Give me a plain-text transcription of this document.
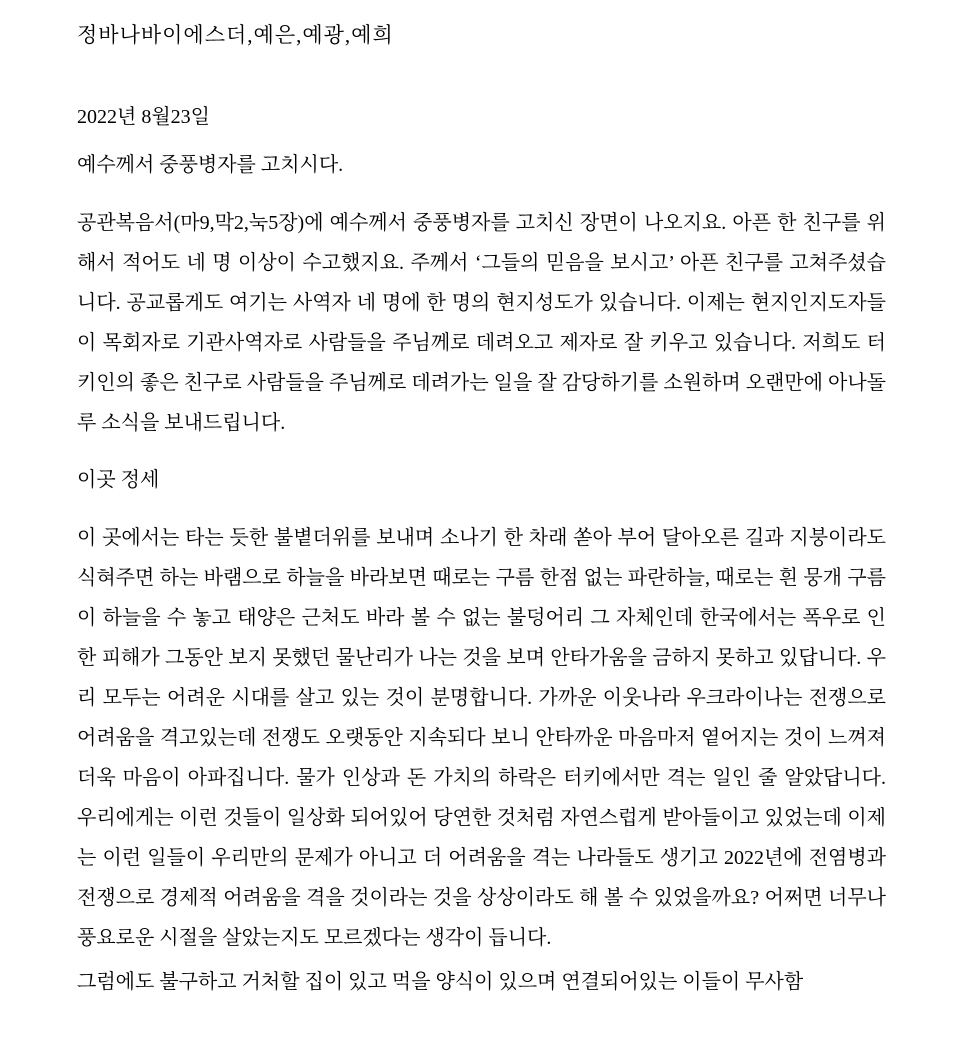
정바나바이에스더,예은,예광,예희
2022년 8월23일
예수께서 중풍병자를 고치시다.

공관복음서(마9,막2,눅5장)에 예수께서 중풍병자를 고치신 장면이 나오지요. 아픈 한 친구를 위해서 적어도 네 명 이상이 수고했지요. 주께서 ‘그들의 믿음을 보시고’ 아픈 친구를 고쳐주셨습니다. 공교롭게도 여기는 사역자 네 명에 한 명의 현지성도가 있습니다. 이제는 현지인지도자들이 목회자로 기관사역자로 사람들을 주님께로 데려오고 제자로 잘 키우고 있습니다. 저희도 터키인의 좋은 친구로 사람들을 주님께로 데려가는 일을 잘 감당하기를 소원하며 오랜만에 아나돌루 소식을 보내드립니다.

이곳 정세

이 곳에서는 타는 듯한 불볕더위를 보내며 소나기 한 차래 쏟아 부어 달아오른 길과 지붕이라도 식혀주면 하는 바램으로 하늘을 바라보면 때로는 구름 한점 없는 파란하늘, 때로는 흰 뭉개 구름이 하늘을 수 놓고 태양은 근처도 바라 볼 수 없는 불덩어리 그 자체인데 한국에서는 폭우로 인한 피해가 그동안 보지 못했던 물난리가 나는 것을 보며 안타가움을 금하지 못하고 있답니다. 우리 모두는 어려운 시대를 살고 있는 것이 분명합니다. 가까운 이웃나라 우크라이나는 전쟁으로 어려움을 격고있는데 전쟁도 오랫동안 지속되다 보니 안타까운 마음마저 옅어지는 것이 느껴져 더욱 마음이 아파집니다. 물가 인상과 돈 가치의 하락은 터키에서만 격는 일인 줄 알았답니다. 우리에게는 이런 것들이 일상화 되어있어 당연한 것처럼 자연스럽게 받아들이고 있었는데 이제는 이런 일들이 우리만의 문제가 아니고 더 어려움을 격는 나라들도 생기고 2022년에 전염병과 전쟁으로 경제적 어려움을 격을 것이라는 것을 상상이라도 해 볼 수 있었을까요? 어쩌면 너무나 풍요로운 시절을 살았는지도 모르겠다는 생각이 듭니다.

그럼에도 불구하고 거처할 집이 있고 먹을 양식이 있으며 연결되어있는 이들이 무사함
